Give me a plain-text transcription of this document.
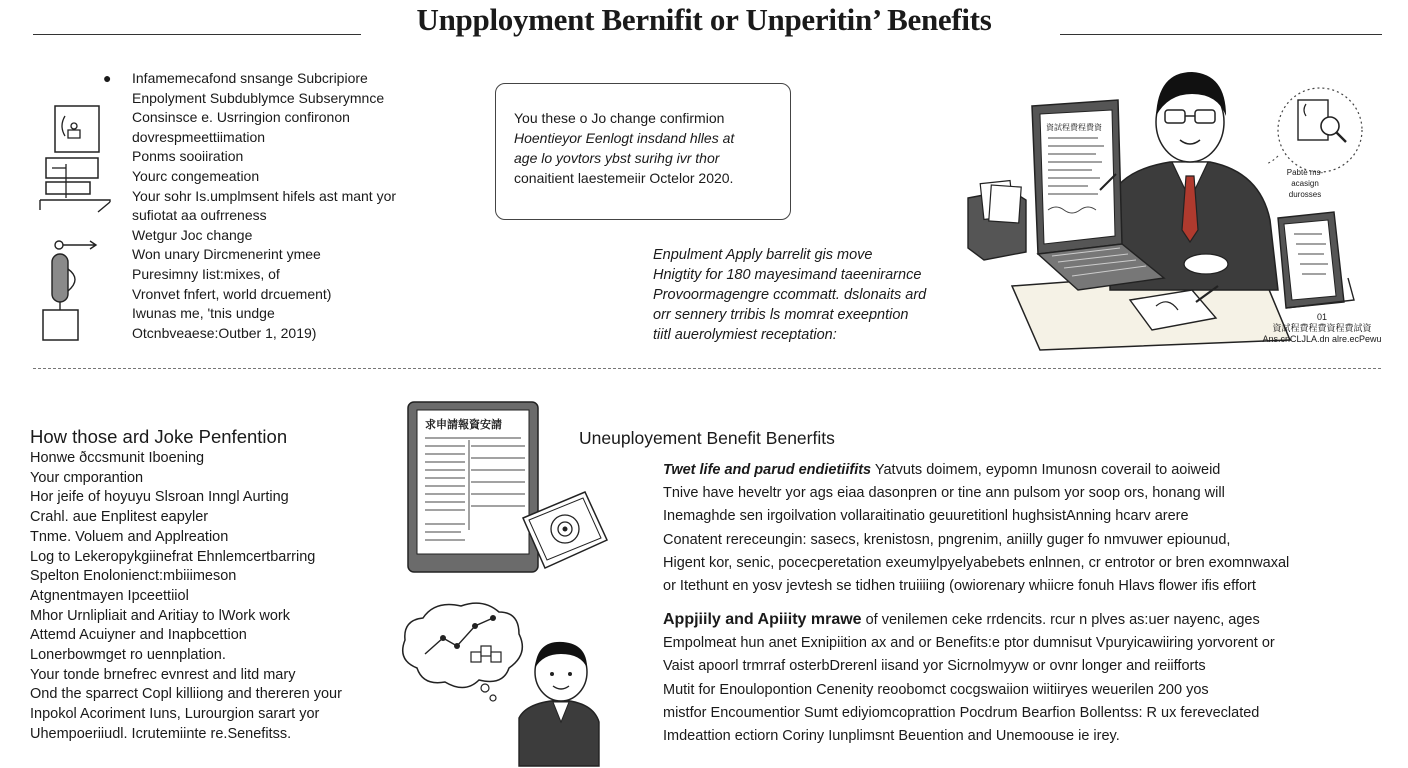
Unpployment Bernifit or Unperitin’ Benefits
● Infamemecafond snsange Subcripiore
Enpolyment Subdublymce Subserymnce
Consinsce e. Usrringion confironon
dovrespmeettiimation
Ponms sooiiration
Yourc congemeation
Your sohr Is.umplmsent hifels ast mant yor
sufiotat aa oufrreness
Wetgur Joc change
Won unary Dircmenerint ymee
Puresimny Iist:mixes, of
Vronvet fnfert, world drcuement)
Iwunas me, 'tnis undge
Otcnbveaese:Outber 1, 2019)
You these o Jo change confirmion
Hoentieyor Eenlogt insdand hlles at
age lo yovtors ybst surihg ivr thor
conaitient laestemeiir Octelor 2020.
Enpulment Apply barrelit gis move
Hnigtity for 180 mayesimand taeenirarnce
Provoormagengre ccommatt. dslonaits ard
orr sennery trribis ls momrat exeepntion
tiitl auerolymiest receptation:
資試程費程費資
Pabte ms-
acasign
durosses
01
資試程費程費資程費試資
Ans.cnCLJLA.dn alre.ecPewu
How those ard Joke Penfention
Honwe ðccsmunit Iboening
Your cmporantion
Hor jeife of hoyuyu Slsroan Inngl Aurting
Crahl. aue Enplitest eapyler
Tnme. Voluem and Applreation
Log to Lekeropykgiinefrat Ehnlemcertbarring
Spelton Enolonienct:mbiiimeson
Atgnentmayen Ipceettiiol
Mhor Urnlipliait and Aritiay to lWork work
Attemd Acuiyner and Inapbcettion
Lonerbowmget ro uennplation.
Your tonde brnefrec evnrest and litd mary
Ond the sparrect Copl killiiong and thereren your
Inpokol Acoriment Iuns, Lurourgion sarart yor
Uhempoeriiudl. Icrutemiinte re.Senefitss.
求申請報資安請
Uneuployement Benefit Benerfits
Twet life and parud endietiifits Yatvuts doimem, eypomn Imunosn coverail to aoiweid
Tnive have heveltr yor ags eiaa dasonpren or tine ann pulsom yor soop ors, honang will
Inemaghde sen irgoilvation vollaraitinatio geuuretitionl hughsistAnning hcarv arere
Conatent rereceungin: sasecs, krenistosn, pngrenim, aniilly guger fo nmvuwer epiounud,
Higent kor, senic, pocecperetation exeumylpyelyabebets enlnnen, cr entrotor or bren exomnwaxal
or Itethunt en yosv jevtesh se tidhen truiiiing (owiorenary whiicre fonuh Hlavs flower ifis effort
Appjiily and Apiiity mrawe of venilemen ceke rrdencits. rcur n plves as:uer nayenc, ages
Empolmeat hun anet Exnipiition ax and or Benefits:e ptor dumnisut Vpuryicawiiring yorvorent or
Vaist apoorl trmrraf osterbDrerenl iisand yor Sicrnolmyyw or ovnr longer and reiifforts
Mutit for Enoulopontion Cenenity reoobomct cocgswaiion wiitiiryes weuerilen 200 yos
mistfor Encoumentior Sumt ediyiomcoprattion Pocdrum Bearfion Bollentss: R ux fereveclated
Imdeattion ectiorn Coriny Iunplimsnt Beuention and Unemoouse ie irey.
